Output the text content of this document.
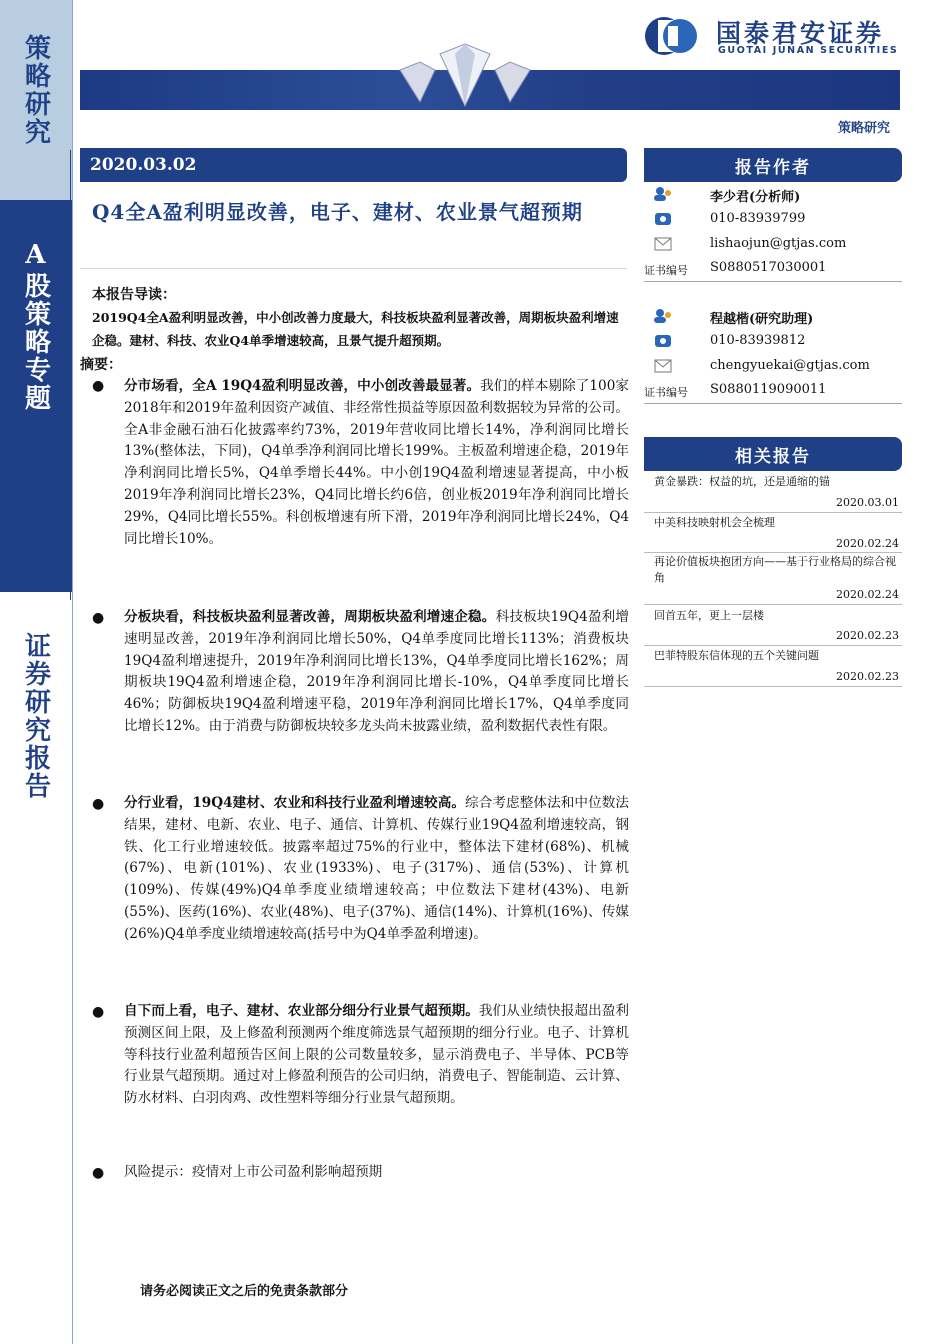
策略研究
A股策略专题
证券研究报告
国泰君安证券
GUOTAI JUNAN SECURITIES
策略研究
2020.03.02
Q4全A盈利明显改善，电子、建材、农业景气超预期
本报告导读：
2019Q4全A盈利明显改善，中小创改善力度最大，科技板块盈利显著改善，周期板块盈利增速企稳。建材、科技、农业Q4单季增速较高，且景气提升超预期。
摘要：
● 分市场看，全A 19Q4盈利明显改善，中小创改善最显著。我们的样本剔除了100家2018年和2019年盈利因资产减值、非经常性损益等原因盈利数据较为异常的公司。全A非金融石油石化披露率约73%，2019年营收同比增长14%，净利润同比增长13%(整体法，下同)，Q4单季净利润同比增长199%。主板盈利增速企稳，2019年净利润同比增长5%，Q4单季增长44%。中小创19Q4盈利增速显著提高，中小板2019年净利润同比增长23%，Q4同比增长约6倍，创业板2019年净利润同比增长29%，Q4同比增长55%。科创板增速有所下滑，2019年净利润同比增长24%，Q4同比增长10%。
● 分板块看，科技板块盈利显著改善，周期板块盈利增速企稳。科技板块19Q4盈利增速明显改善，2019年净利润同比增长50%，Q4单季度同比增长113%；消费板块19Q4盈利增速提升，2019年净利润同比增长13%，Q4单季度同比增长162%；周期板块19Q4盈利增速企稳，2019年净利润同比增长-10%，Q4单季度同比增长46%；防御板块19Q4盈利增速平稳，2019年净利润同比增长17%，Q4单季度同比增长12%。由于消费与防御板块较多龙头尚未披露业绩，盈利数据代表性有限。
● 分行业看，19Q4建材、农业和科技行业盈利增速较高。综合考虑整体法和中位数法结果，建材、电新、农业、电子、通信、计算机、传媒行业19Q4盈利增速较高，钢铁、化工行业增速较低。披露率超过75%的行业中，整体法下建材(68%)、机械(67%)、电新(101%)、农业(1933%)、电子(317%)、通信(53%)、计算机(109%)、传媒(49%)Q4单季度业绩增速较高；中位数法下建材(43%)、电新(55%)、医药(16%)、农业(48%)、电子(37%)、通信(14%)、计算机(16%)、传媒(26%)Q4单季度业绩增速较高(括号中为Q4单季盈利增速)。
● 自下而上看，电子、建材、农业部分细分行业景气超预期。我们从业绩快报超出盈利预测区间上限，及上修盈利预测两个维度筛选景气超预期的细分行业。电子、计算机等科技行业盈利超预告区间上限的公司数量较多，显示消费电子、半导体、PCB等行业景气超预期。通过对上修盈利预告的公司归纳，消费电子、智能制造、云计算、防水材料、白羽肉鸡、改性塑料等细分行业景气超预期。
● 风险提示：疫情对上市公司盈利影响超预期
报告作者
李少君(分析师)
010-83939799
lishaojun@gtjas.com
证书编号 S0880517030001
程越楷(研究助理)
010-83939812
chengyuekai@gtjas.com
证书编号 S0880119090011
相关报告
黄金暴跌：权益的坑，还是通缩的锚
2020.03.01
中美科技映射机会全梳理
2020.02.24
再论价值板块抱团方向——基于行业格局的综合视角
2020.02.24
回首五年，更上一层楼
2020.02.23
巴菲特股东信体现的五个关键问题
2020.02.23
请务必阅读正文之后的免责条款部分
